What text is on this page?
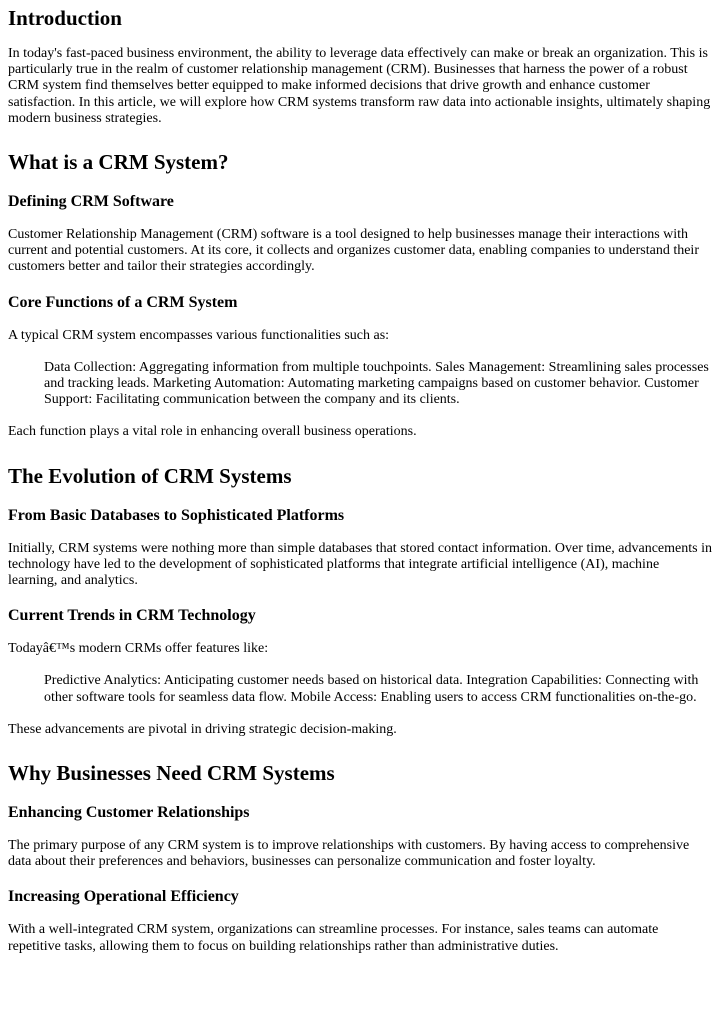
Introduction

In today's fast-paced business environment, the ability to leverage data effectively can make or break an organization. This is particularly true in the realm of customer relationship management (CRM). Businesses that harness the power of a robust CRM system find themselves better equipped to make informed decisions that drive growth and enhance customer satisfaction. In this article, we will explore how CRM systems transform raw data into actionable insights, ultimately shaping modern business strategies.

What is a CRM System?
Defining CRM Software

Customer Relationship Management (CRM) software is a tool designed to help businesses manage their interactions with current and potential customers. At its core, it collects and organizes customer data, enabling companies to understand their customers better and tailor their strategies accordingly.

Core Functions of a CRM System

A typical CRM system encompasses various functionalities such as:

Data Collection: Aggregating information from multiple touchpoints. Sales Management: Streamlining sales processes and tracking leads. Marketing Automation: Automating marketing campaigns based on customer behavior. Customer Support: Facilitating communication between the company and its clients.

Each function plays a vital role in enhancing overall business operations.

The Evolution of CRM Systems
From Basic Databases to Sophisticated Platforms

Initially, CRM systems were nothing more than simple databases that stored contact information. Over time, advancements in technology have led to the development of sophisticated platforms that integrate artificial intelligence (AI), machine learning, and analytics.

Current Trends in CRM Technology

Todayâ€™s modern CRMs offer features like:

Predictive Analytics: Anticipating customer needs based on historical data. Integration Capabilities: Connecting with other software tools for seamless data flow. Mobile Access: Enabling users to access CRM functionalities on-the-go.

These advancements are pivotal in driving strategic decision-making.

Why Businesses Need CRM Systems
Enhancing Customer Relationships

The primary purpose of any CRM system is to improve relationships with customers. By having access to comprehensive data about their preferences and behaviors, businesses can personalize communication and foster loyalty.

Increasing Operational Efficiency

With a well-integrated CRM system, organizations can streamline processes. For instance, sales teams can automate repetitive tasks, allowing them to focus on building relationships rather than administrative duties.
